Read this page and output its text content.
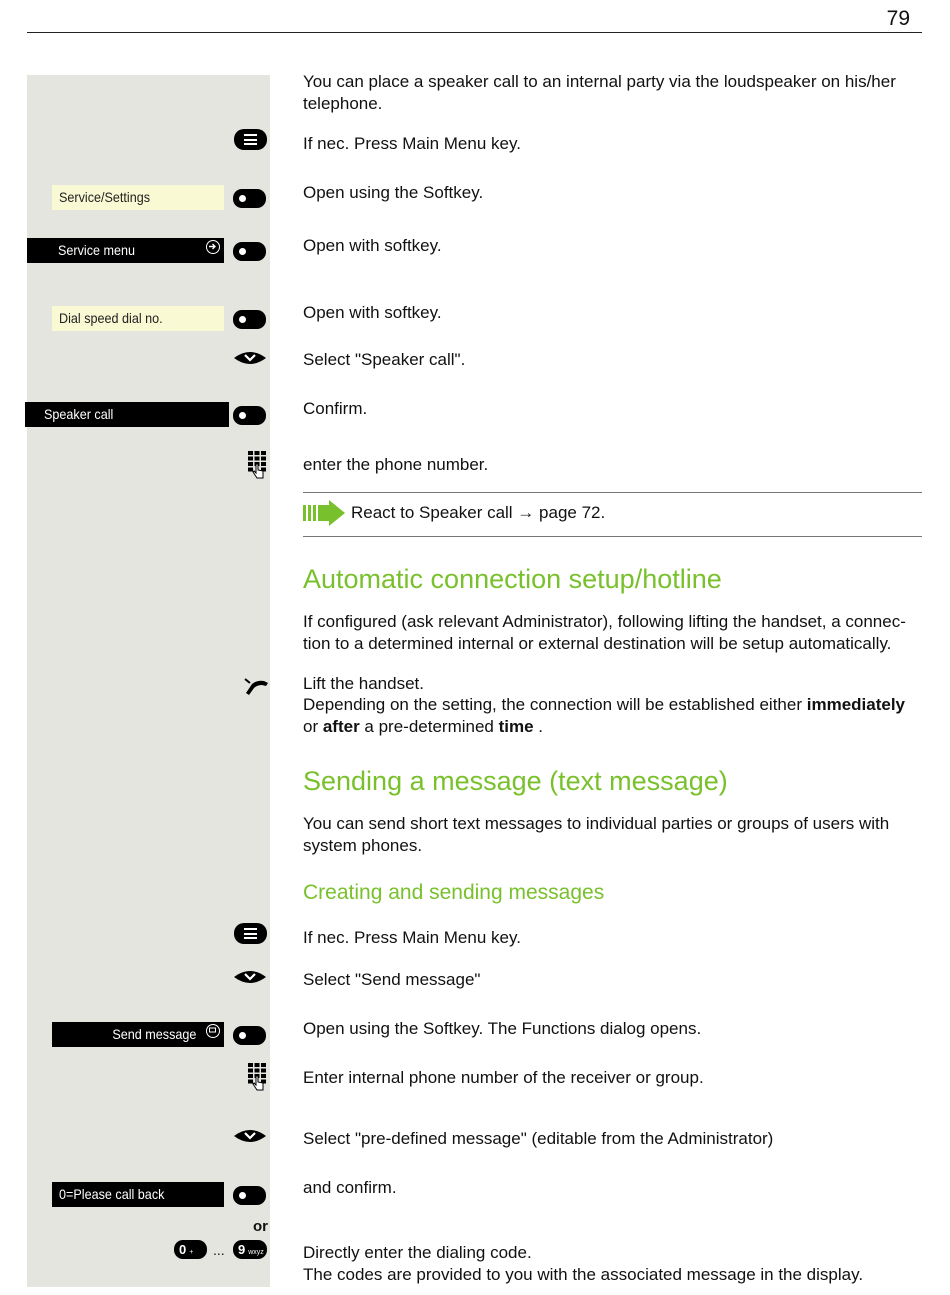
79
Service/Settings
Service menu
Dial speed dial no.
Speaker call
Send message
0=Please call back
React to Speaker call → page 72.
You can place a speaker call to an internal party via the loudspeaker on his/her telephone.
If nec. Press Main Menu key.
Open using the Softkey.
Open with softkey.
Open with softkey.
Select "Speaker call".
Confirm.
enter the phone number.
Automatic connection setup/hotline
If configured (ask relevant Administrator), following lifting the handset, a connec-tion to a determined internal or external destination will be setup automatically.
Lift the handset.
Depending on the setting, the connection will be established either immediately
or after a pre-determined time .
Sending a message (text message)
You can send short text messages to individual parties or groups of users with system phones.
Creating and sending messages
If nec. Press Main Menu key.
Select "Send message"
Open using the Softkey. The Functions dialog opens.
Enter internal phone number of the receiver or group.
Select "pre-defined message" (editable from the Administrator)
and confirm.
or
0 +	...	9 wxyz Directly enter the dialing code.
The codes are provided to you with the associated message in the display.
